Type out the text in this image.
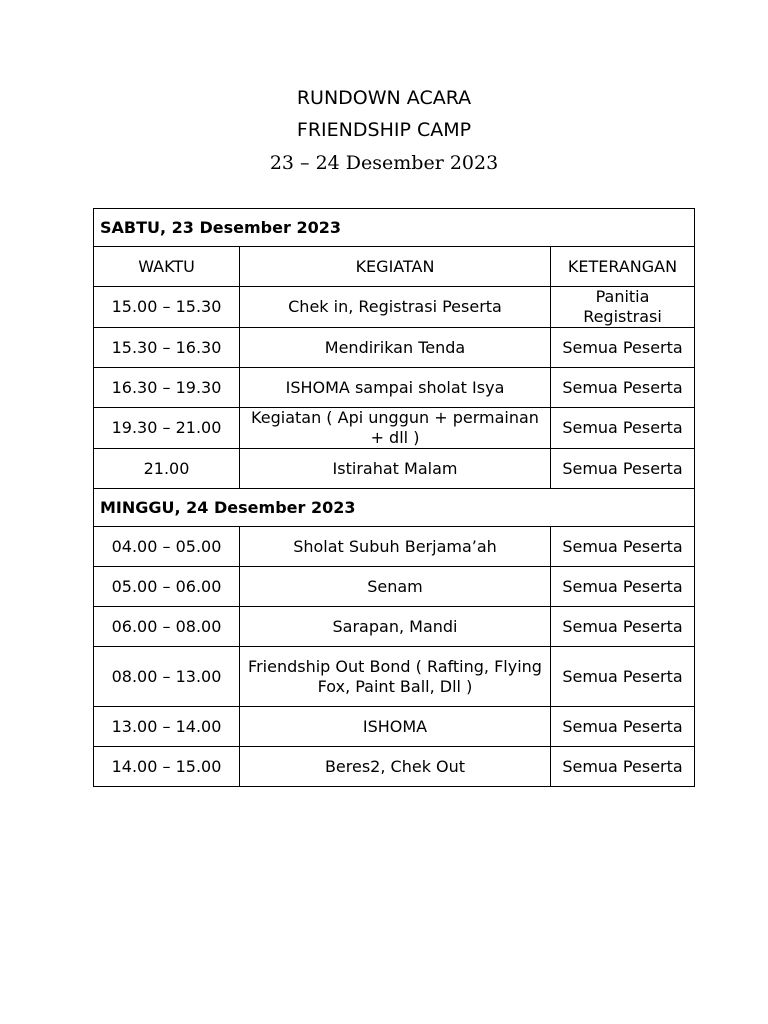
RUNDOWN ACARA
FRIENDSHIP CAMP
23 – 24 Desember 2023
SABTU, 23 Desember 2023		
WAKTU	KEGIATAN	KETERANGAN
15.00 – 15.30	Chek in, Registrasi Peserta	Panitia Registrasi
15.30 – 16.30	Mendirikan Tenda	Semua Peserta
16.30 – 19.30	ISHOMA sampai sholat Isya	Semua Peserta
19.30 – 21.00	Kegiatan ( Api unggun + permainan + dll )	Semua Peserta
21.00	Istirahat Malam	Semua Peserta
MINGGU, 24 Desember 2023		
04.00 – 05.00	Sholat Subuh Berjama’ah	Semua Peserta
05.00 – 06.00	Senam	Semua Peserta
06.00 – 08.00	Sarapan, Mandi	Semua Peserta
08.00 – 13.00	Friendship Out Bond ( Rafting, Flying Fox, Paint Ball, Dll )	Semua Peserta
13.00 – 14.00	ISHOMA	Semua Peserta
14.00 – 15.00	Beres2, Chek Out	Semua Peserta
